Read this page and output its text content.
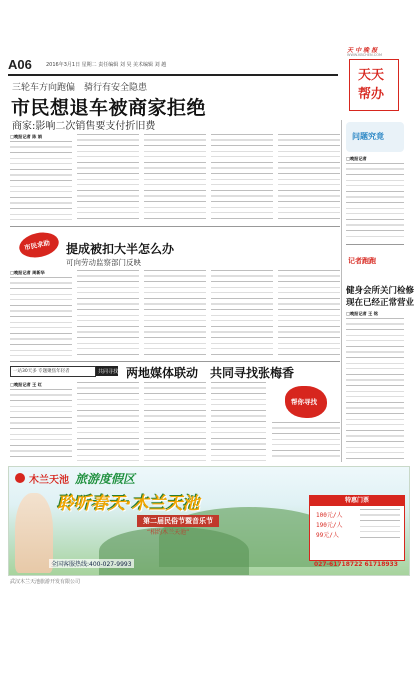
A06	2016年3月1日 星期二 责任编辑 刘 昊 美术编辑 刘 越
天 中 晚 报
WWW.KBCHEN.COM
天天
帮办
三轮车方向跑偏　骑行有安全隐患
市民想退车被商家拒绝
商家:影响二次销售要支付折旧费
□晚报记者 陈 娟
市民求助 提成被扣大半怎么办
可向劳动监察部门反映
□晚报记者 周新华
一站30天多 专题聚焦年轻者	共同寻找 两地媒体联动　共同寻找张梅香
□晚报记者 王 红
帮你寻找
问题究竟
□晚报记者
记者跑跑
健身会所关门检修
现在已经正常营业
□晚报记者 王 铭
木兰天池 旅游度假区
聆听春天·木兰天池
第二届民俗节暨音乐节
“相约木兰天池”
全国客服热线:400-027-9993
特惠门票
100元/人
190元/人
99元/人
027-61718722 61718933
武汉木兰天池旅游开发有限公司
